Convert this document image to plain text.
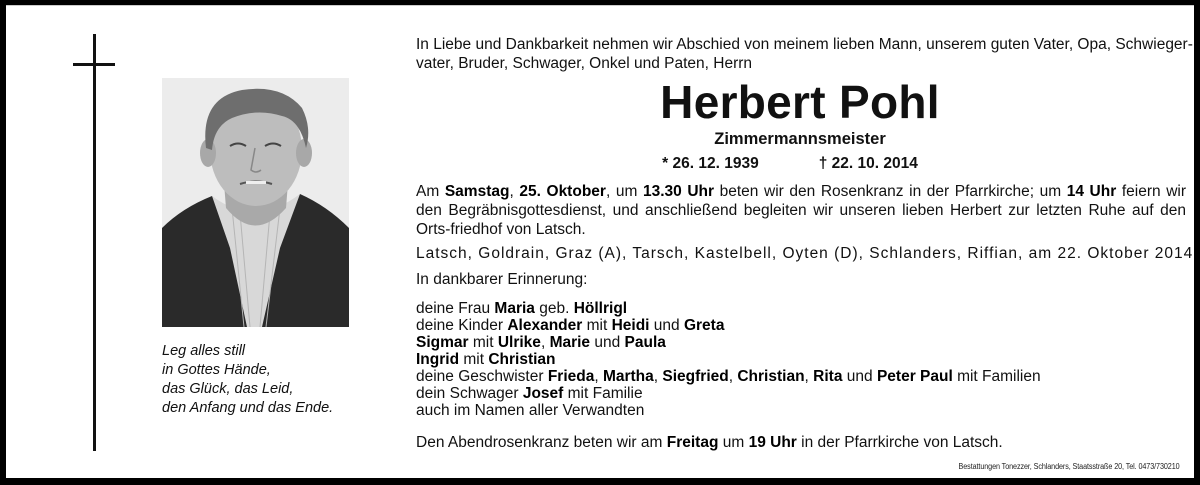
Leg alles still
in Gottes Hände,
das Glück, das Leid,
den Anfang und das Ende.
In Liebe und Dankbarkeit nehmen wir Abschied von meinem lieben Mann, unserem guten Vater, Opa, Schwieger-
vater, Bruder, Schwager, Onkel und Paten, Herrn
Herbert Pohl
Zimmermannsmeister
* 26. 12. 1939	† 22. 10. 2014
Am Samstag, 25. Oktober, um 13.30 Uhr beten wir den Rosenkranz in der Pfarrkirche; um 14 Uhr feiern wir den Begräbnisgottesdienst, und anschließend begleiten wir unseren lieben Herbert zur letzten Ruhe auf den Orts-friedhof von Latsch.
Latsch, Goldrain, Graz (A), Tarsch, Kastelbell, Oyten (D), Schlanders, Riffian, am 22. Oktober 2014
In dankbarer Erinnerung:
deine Frau Maria geb. Höllrigl
deine Kinder Alexander mit Heidi und Greta
Sigmar mit Ulrike, Marie und Paula
Ingrid mit Christian
deine Geschwister Frieda, Martha, Siegfried, Christian, Rita und Peter Paul mit Familien
dein Schwager Josef mit Familie
auch im Namen aller Verwandten
Den Abendrosenkranz beten wir am Freitag um 19 Uhr in der Pfarrkirche von Latsch.
Bestattungen Tonezzer, Schlanders, Staatsstraße 20, Tel. 0473/730210
